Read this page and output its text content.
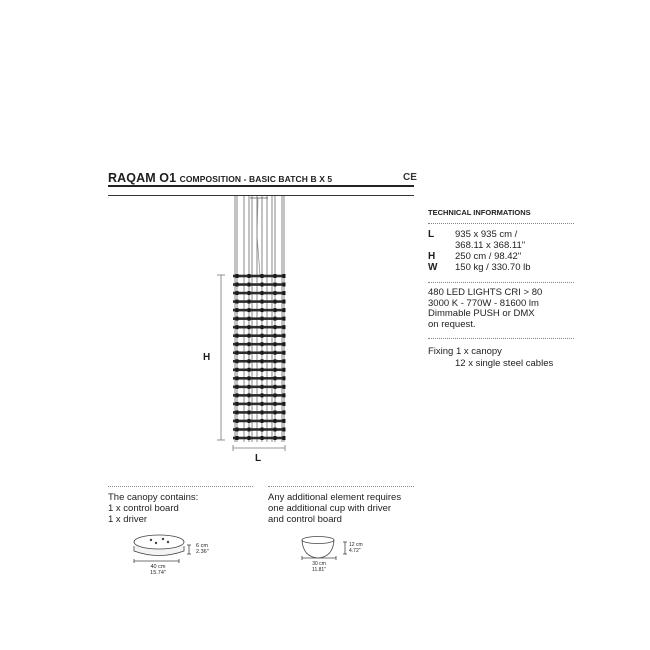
RAQAM O1 COMPOSITION - BASIC BATCH B X 5	CE
H
L
TECHNICAL INFORMATIONS
L 935 x 935 cm /
368.11 x 368.11"
H 250 cm / 98.42"
W 150 kg / 330.70 lb
480 LED LIGHTS CRI > 80
3000 K - 770W - 81600 lm
Dimmable PUSH or DMX
on request.
Fixing 1 x canopy
12 x single steel cables
The canopy contains:
1 x control board
1 x driver
6 cm
2.36"
40 cm
15.74"
Any additional element requires
one additional cup with driver
and control board
12 cm
4.72"
30 cm
11.81"
